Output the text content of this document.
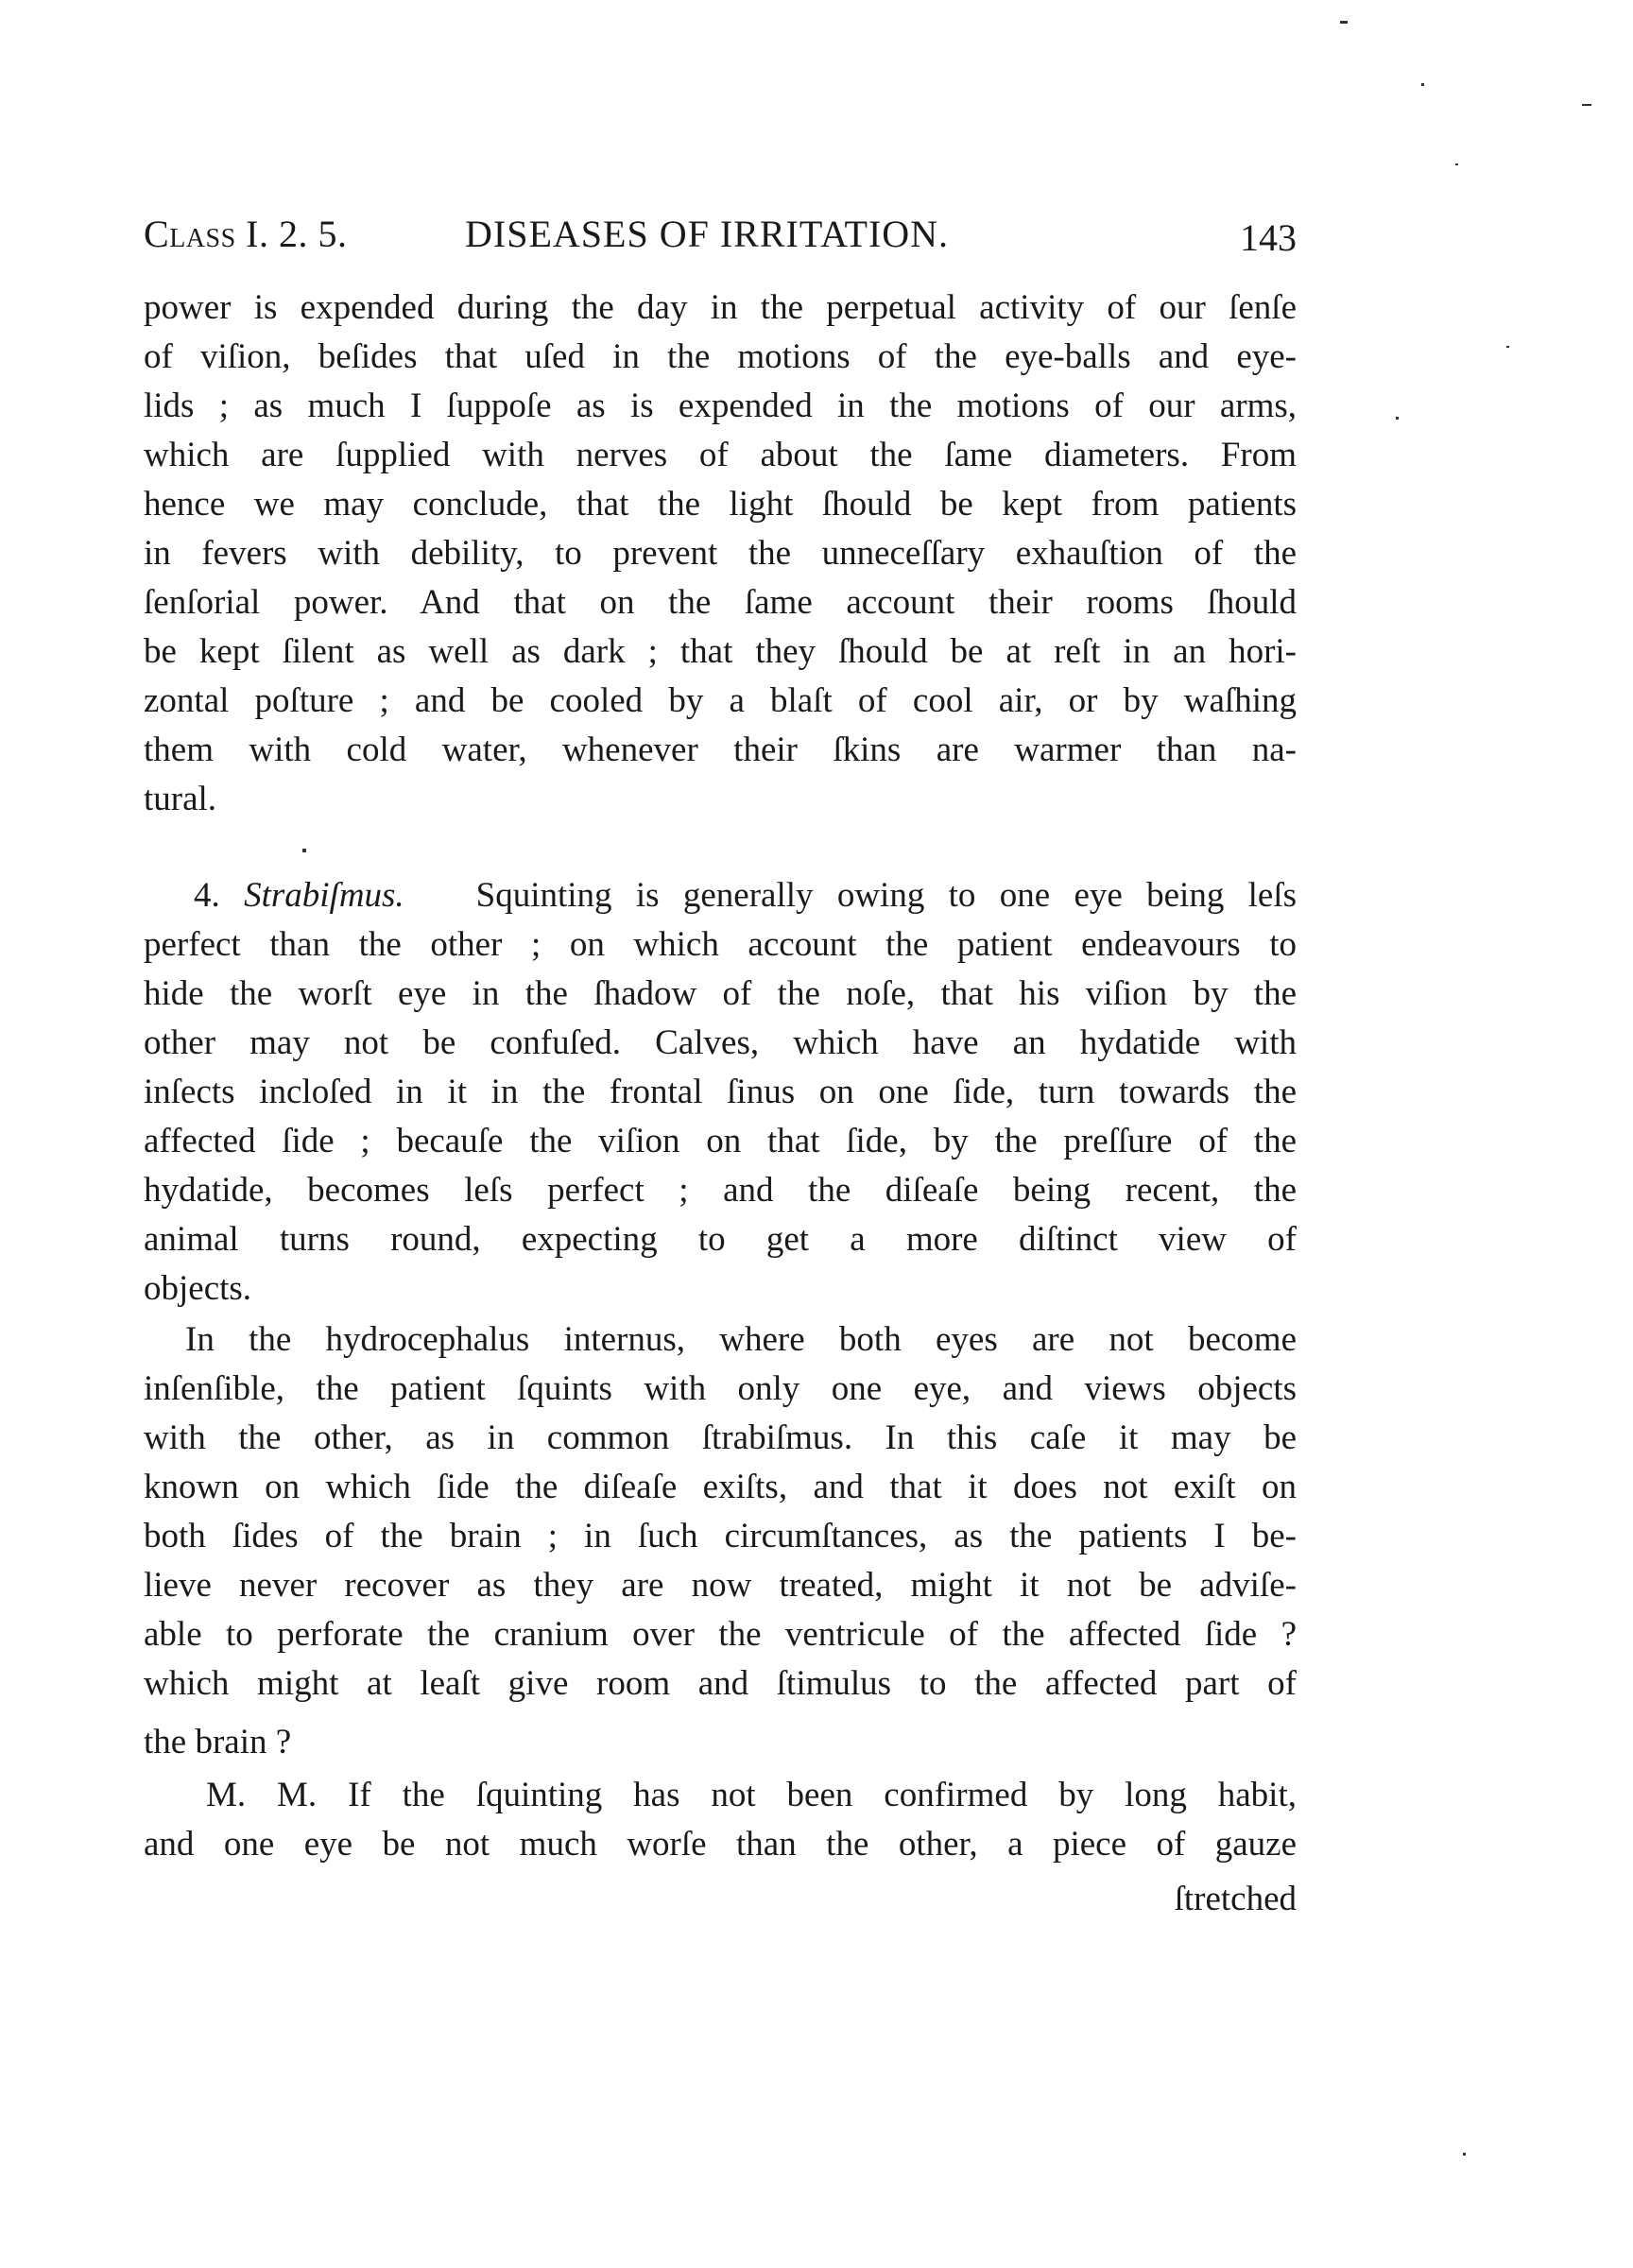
Class I. 2. 5.	DISEASES OF IRRITATION.	143
power is expended during the day in the perpetual activity of our ſenſe
of viſion, beſides that uſed in the motions of the eye-balls and eye-
lids ; as much I ſuppoſe as is expended in the motions of our arms,
which are ſupplied with nerves of about the ſame diameters. From
hence we may conclude, that the light ſhould be kept from patients
in fevers with debility, to prevent the unneceſſary exhauſtion of the
ſenſorial power. And that on the ſame account their rooms ſhould
be kept ſilent as well as dark ; that they ſhould be at reſt in an hori-
zontal poſture ; and be cooled by a blaſt of cool air, or by waſhing
them with cold water, whenever their ſkins are warmer than na-
tural.
4. Strabiſmus. Squinting is generally owing to one eye being leſs
perfect than the other ; on which account the patient endeavours to
hide the worſt eye in the ſhadow of the noſe, that his viſion by the
other may not be confuſed. Calves, which have an hydatide with
inſects incloſed in it in the frontal ſinus on one ſide, turn towards the
affected ſide ; becauſe the viſion on that ſide, by the preſſure of the
hydatide, becomes leſs perfect ; and the diſeaſe being recent, the
animal turns round, expecting to get a more diſtinct view of
objects.
In the hydrocephalus internus, where both eyes are not become
inſenſible, the patient ſquints with only one eye, and views objects
with the other, as in common ſtrabiſmus. In this caſe it may be
known on which ſide the diſeaſe exiſts, and that it does not exiſt on
both ſides of the brain ; in ſuch circumſtances, as the patients I be-
lieve never recover as they are now treated, might it not be adviſe-
able to perforate the cranium over the ventricule of the affected ſide ?
which might at leaſt give room and ſtimulus to the affected part of
the brain ?
M. M. If the ſquinting has not been confirmed by long habit,
and one eye be not much worſe than the other, a piece of gauze
ſtretched
